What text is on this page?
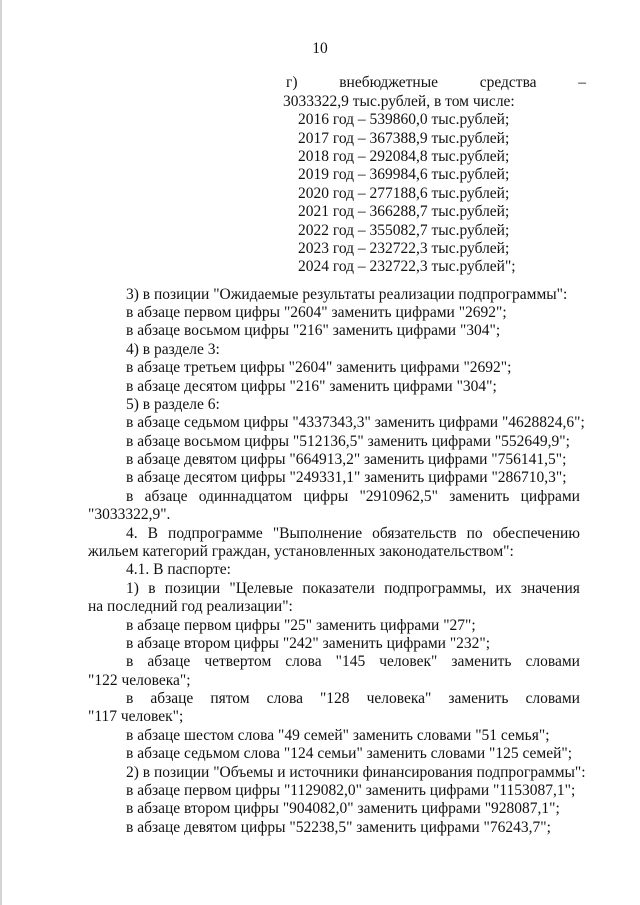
10
г)	внебюджетные	средства	–
3033322,9 тыс.рублей, в том числе:
2016 год – 539860,0 тыс.рублей;
2017 год – 367388,9 тыс.рублей;
2018 год – 292084,8 тыс.рублей;
2019 год – 369984,6 тыс.рублей;
2020 год – 277188,6 тыс.рублей;
2021 год – 366288,7 тыс.рублей;
2022 год – 355082,7 тыс.рублей;
2023 год – 232722,3 тыс.рублей;
2024 год – 232722,3 тыс.рублей";
3) в позиции "Ожидаемые результаты реализации подпрограммы":
в абзаце первом цифры "2604" заменить цифрами "2692";
в абзаце восьмом цифры "216" заменить цифрами "304";
4) в разделе 3:
в абзаце третьем цифры "2604" заменить цифрами "2692";
в абзаце десятом цифры "216" заменить цифрами "304";
5) в разделе 6:
в абзаце седьмом цифры "4337343,3" заменить цифрами "4628824,6";
в абзаце восьмом цифры "512136,5" заменить цифрами "552649,9";
в абзаце девятом цифры "664913,2" заменить цифрами "756141,5";
в абзаце десятом цифры "249331,1" заменить цифрами "286710,3";
в абзаце одиннадцатом цифры "2910962,5" заменить цифрами
"3033322,9".
4. В подпрограмме "Выполнение обязательств по обеспечению
жильем категорий граждан, установленных законодательством":
4.1. В паспорте:
1) в позиции "Целевые показатели подпрограммы, их значения
на последний год реализации":
в абзаце первом цифры "25" заменить цифрами "27";
в абзаце втором цифры "242" заменить цифрами "232";
в абзаце четвертом слова "145 человек" заменить словами
"122 человека";
в абзаце пятом слова "128 человека" заменить словами
"117 человек";
в абзаце шестом слова "49 семей" заменить словами "51 семья";
в абзаце седьмом слова "124 семьи" заменить словами "125 семей";
2) в позиции "Объемы и источники финансирования подпрограммы":
в абзаце первом цифры "1129082,0" заменить цифрами "1153087,1";
в абзаце втором цифры "904082,0" заменить цифрами "928087,1";
в абзаце девятом цифры "52238,5" заменить цифрами "76243,7";
